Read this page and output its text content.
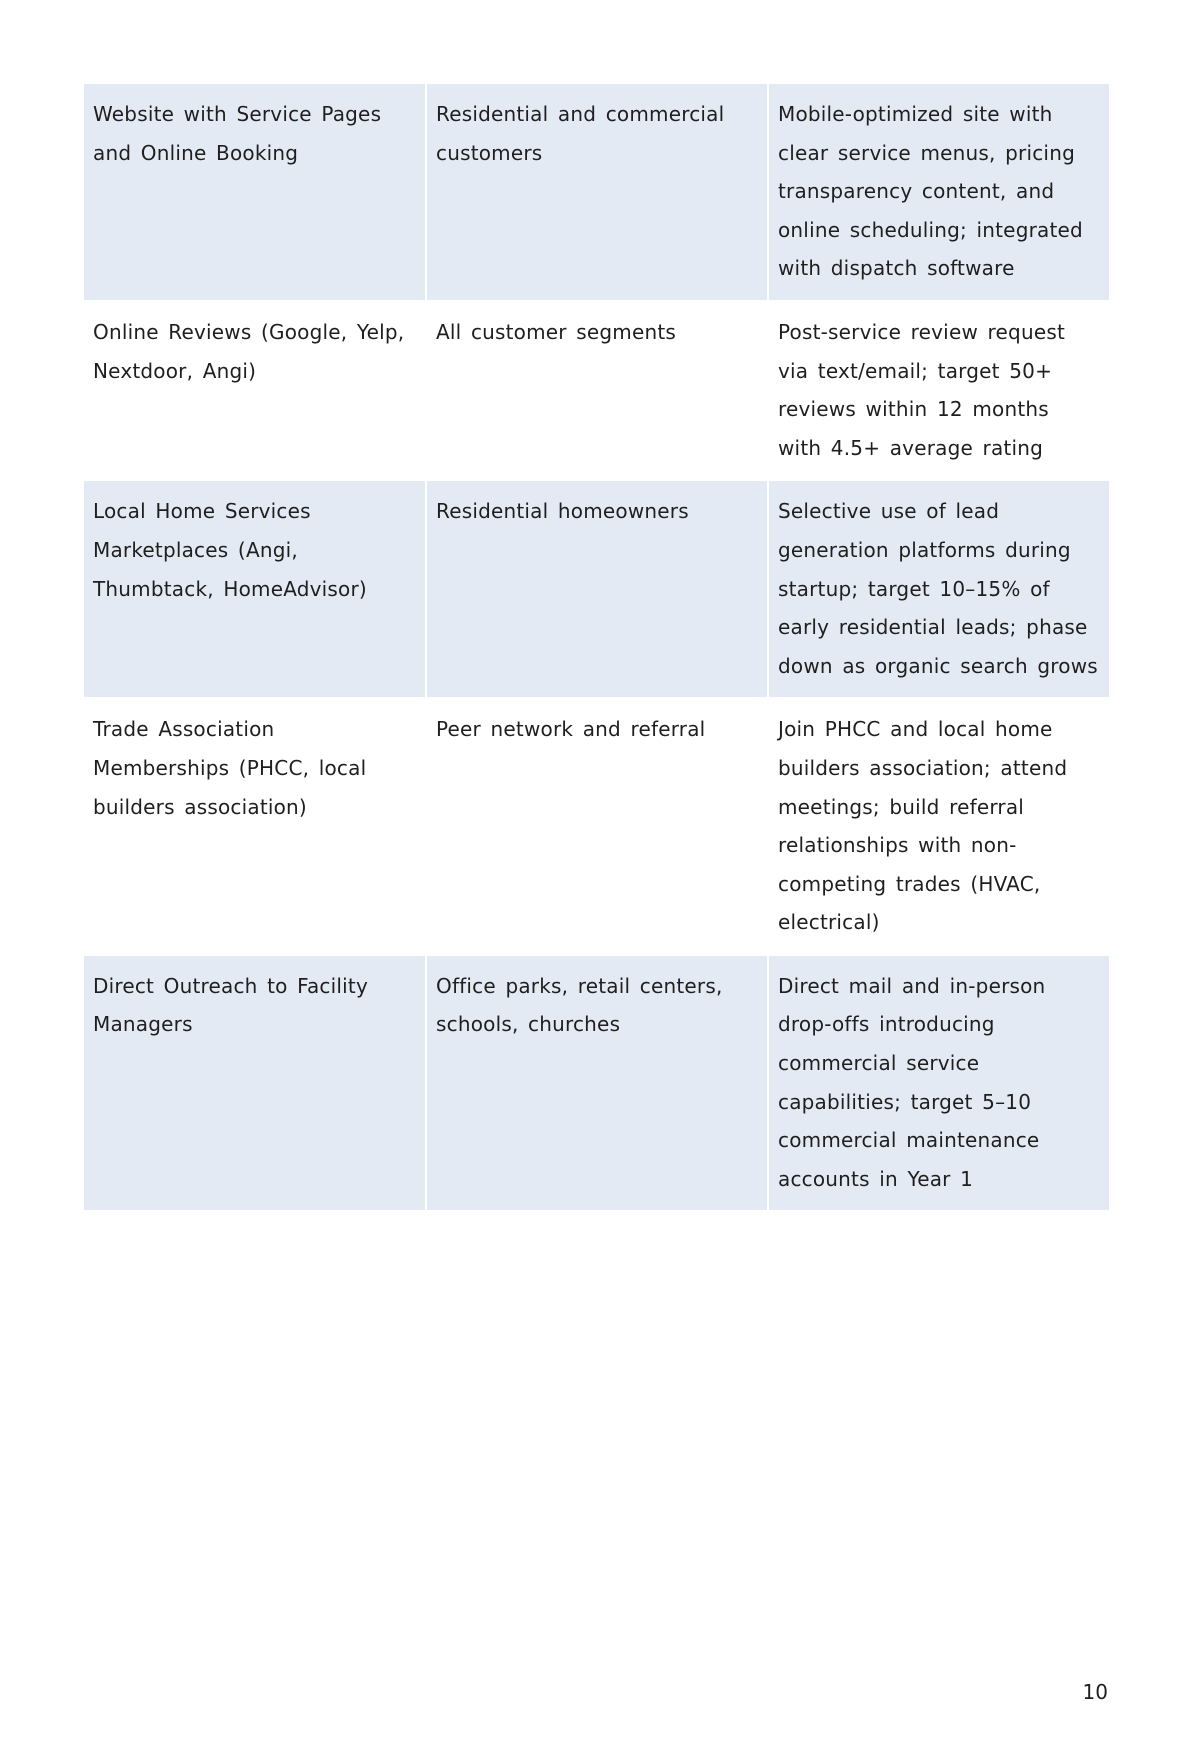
Website with Service Pages and Online Booking	Residential and commercial customers	Mobile-optimized site with clear service menus, pricing transparency content, and online scheduling; integrated with dispatch software
Online Reviews (Google, Yelp, Nextdoor, Angi)	All customer segments	Post-service review request via text/email; target 50+ reviews within 12 months with 4.5+ average rating
Local Home Services Marketplaces (Angi, Thumbtack, HomeAdvisor)	Residential homeowners	Selective use of lead generation platforms during startup; target 10–15% of early residential leads; phase down as organic search grows
Trade Association Memberships (PHCC, local builders association)	Peer network and referral	Join PHCC and local home builders association; attend meetings; build referral relationships with non-competing trades (HVAC, electrical)
Direct Outreach to Facility Managers	Office parks, retail centers, schools, churches	Direct mail and in-person drop-offs introducing commercial service capabilities; target 5–10 commercial maintenance accounts in Year 1
10
